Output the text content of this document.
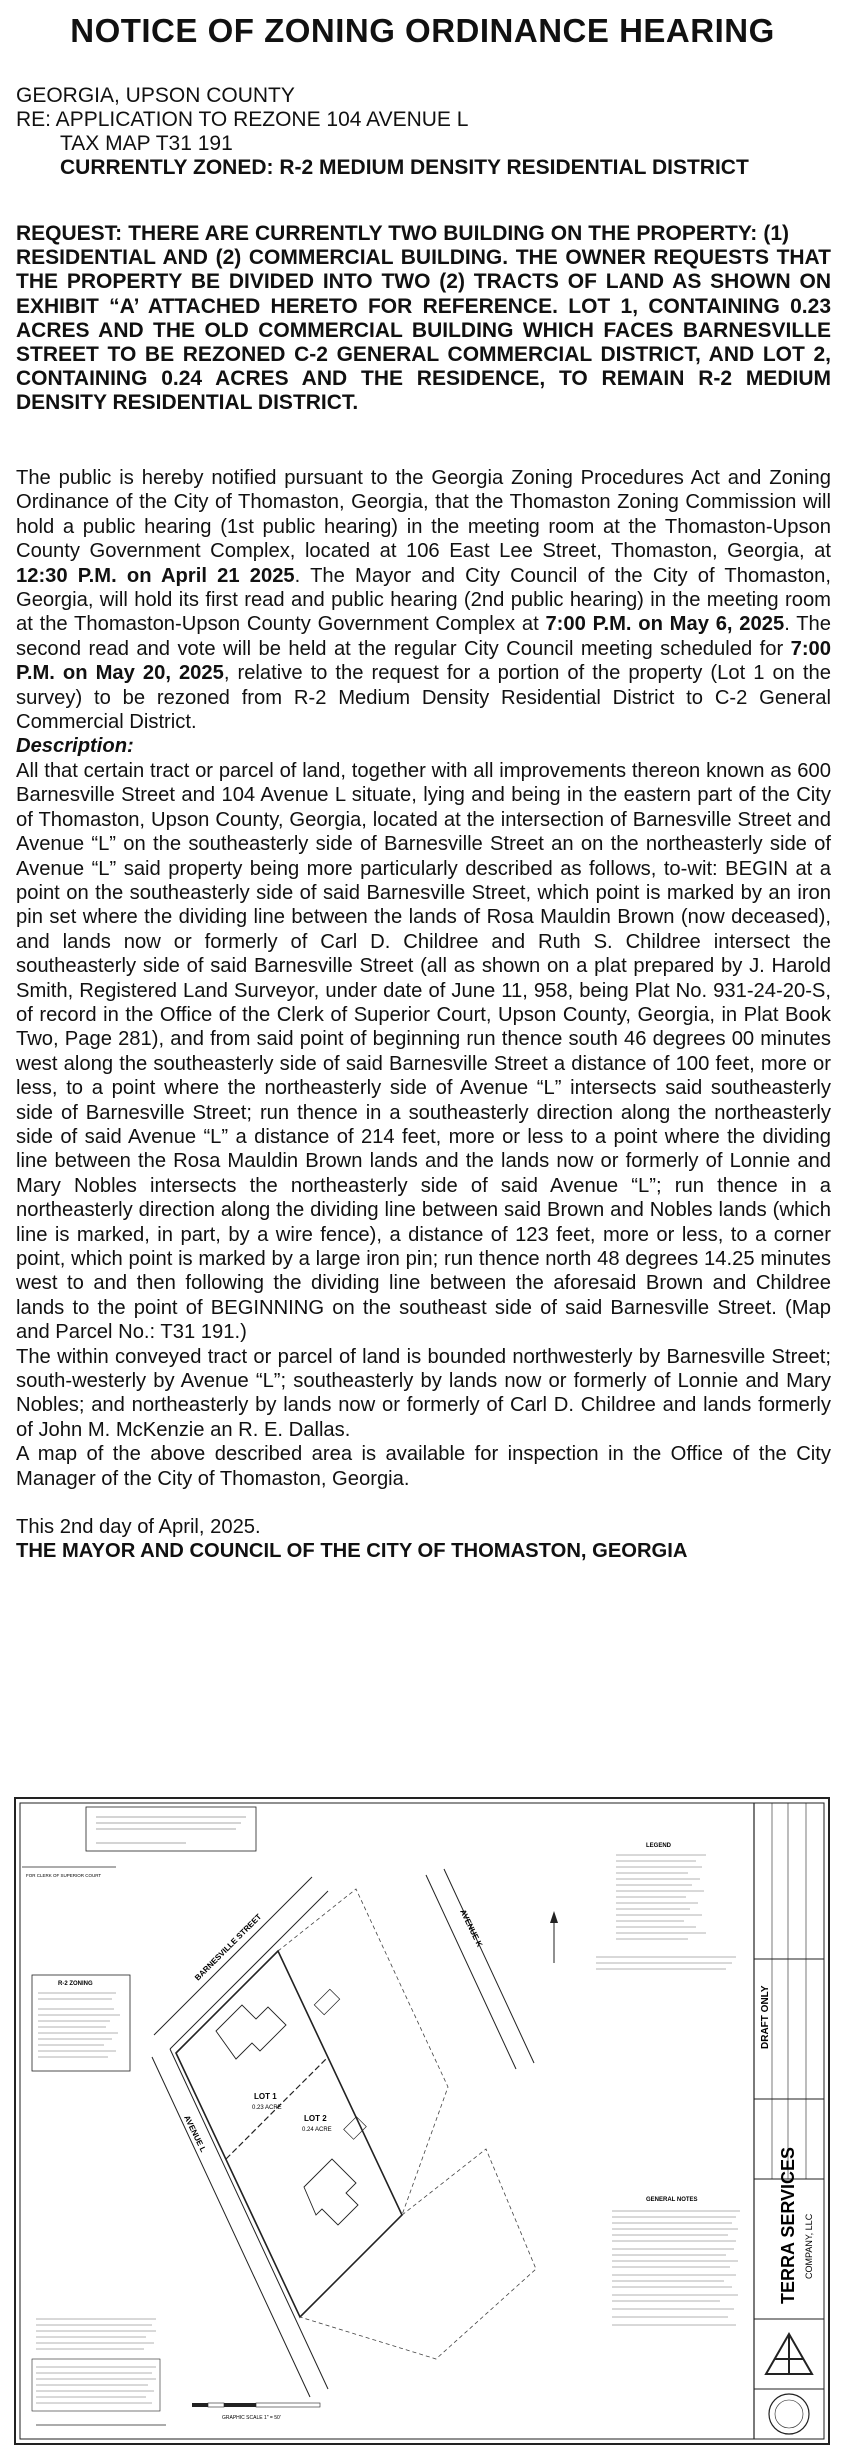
NOTICE OF ZONING ORDINANCE HEARING
GEORGIA, UPSON COUNTY
RE: APPLICATION TO REZONE 104 AVENUE L
TAX MAP T31 191
CURRENTLY ZONED: R-2 MEDIUM DENSITY RESIDENTIAL DISTRICT
REQUEST: THERE ARE CURRENTLY TWO BUILDING ON THE PROPERTY: (1)  RESIDENTIAL AND (2) COMMERCIAL BUILDING. THE OWNER REQUESTS THAT THE PROPERTY BE DIVIDED INTO TWO (2) TRACTS OF LAND AS SHOWN ON EXHIBIT “A’ ATTACHED HERETO FOR REFERENCE. LOT 1, CONTAINING 0.23 ACRES AND THE OLD COMMERCIAL BUILDING WHICH FACES BARNESVILLE STREET TO BE REZONED C-2 GENERAL COMMERCIAL DISTRICT, AND LOT 2, CONTAINING 0.24 ACRES AND THE RESIDENCE, TO REMAIN R-2 MEDIUM DENSITY RESIDENTIAL DISTRICT.

The public is hereby notified pursuant to the Georgia Zoning Procedures Act and Zoning Ordinance of the City of Thomaston, Georgia, that the Thomaston Zoning Commission will hold a public hearing (1st public hearing) in the meeting room at the Thomaston-Upson County Government Complex, located at 106 East Lee Street, Thomaston, Georgia, at 12:30 P.M. on April 21 2025. The Mayor and City Council of the City of Thomaston, Georgia, will hold its first read and public hearing (2nd public hearing) in the meeting room at the Thomaston-Upson County Government Complex at 7:00 P.M. on May 6, 2025. The second read and vote will be held at the regular City Council meeting scheduled for 7:00 P.M. on May 20, 2025, relative to the request for a portion of the property (Lot 1 on the survey) to be rezoned from R-2 Medium Density Residential District to C-2 General Commercial District.

Description:

All that certain tract or parcel of land, together with all improvements thereon known as 600 Barnesville Street and 104 Avenue L situate, lying and being in the eastern part of the City of Thomaston, Upson County, Georgia, located at the intersection of Barnesville Street and Avenue “L” on the southeasterly side of Barnesville Street an on the northeasterly side of Avenue “L” said property being more particularly described as follows, to-wit: BEGIN at a point on the southeasterly side of said Barnesville Street, which point is marked by an iron pin set where the dividing line between the lands of Rosa Mauldin Brown (now deceased), and lands now or formerly of Carl D. Childree and Ruth S. Childree intersect the southeasterly side of said Barnesville Street (all as shown on a plat prepared by J. Harold Smith, Registered Land Surveyor, under date of June 11, 958, being Plat No. 931-24-20-S, of record in the Office of the Clerk of Superior Court, Upson County, Georgia, in Plat Book Two, Page 281), and from said point of beginning run thence south 46 degrees 00 minutes west along the southeasterly side of said Barnesville Street a distance of 100 feet, more or less, to a point where the northeasterly side of Avenue “L” intersects said southeasterly side of Barnesville Street; run thence in a southeasterly direction along the northeasterly side of said Avenue “L” a distance of 214 feet, more or less to a point where the dividing line between the Rosa Mauldin Brown lands and the lands now or formerly of Lonnie and Mary Nobles intersects the northeasterly side of said Avenue “L”; run thence in a northeasterly direction along the dividing line between said Brown and Nobles lands (which line is marked, in part, by a wire fence), a distance of 123 feet, more or less, to a corner point, which point is marked by a large iron pin; run thence north 48 degrees 14.25 minutes west to and then following the dividing line between the aforesaid Brown and Childree lands to the point of BEGINNING on the southeast side of said Barnesville Street. (Map and Parcel No.: T31 191.)

The within conveyed tract or parcel of land is bounded northwesterly by Barnesville Street; south-westerly by Avenue “L”; southeasterly by lands now or formerly of Lonnie and Mary Nobles; and northeasterly by lands now or formerly of Carl D. Childree and lands formerly of John M. McKenzie an R. E. Dallas.

A map of the above described area is available for inspection in the Office of the City Manager of the City of Thomaston, Georgia.

This 2nd day of April, 2025.

THE MAYOR AND COUNCIL OF THE CITY OF THOMASTON, GEORGIA

DRAFT ONLY
TERRA SERVICES COMPANY, LLC
FOR CLERK OF SUPERIOR COURT
R-2 ZONING
LEGEND
GENERAL NOTES
BARNESVILLE STREET
AVENUE L
AVENUE K
LOT 1
0.23 ACRE
LOT 2
0.24 ACRE
GRAPHIC SCALE 1" = 50'
